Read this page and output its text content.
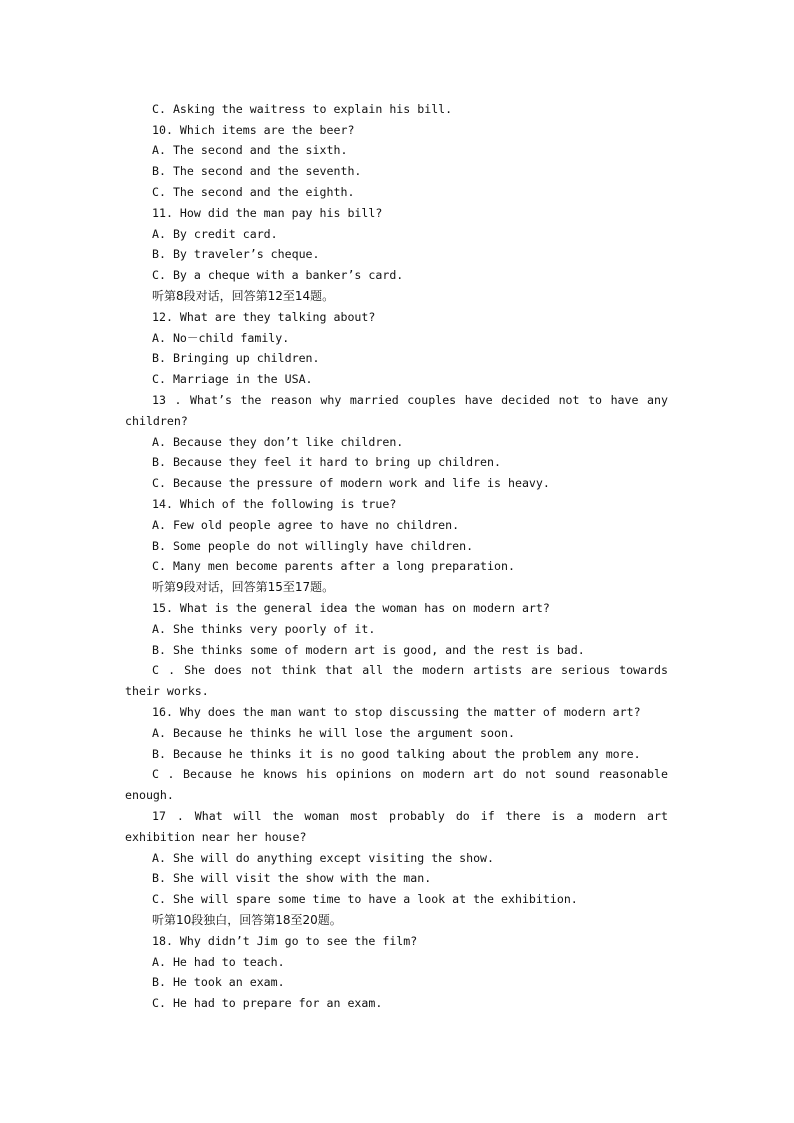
C. Asking the waitress to explain his bill.
10. Which items are the beer?
A. The second and the sixth.
B. The second and the seventh.
C. The second and the eighth.
11. How did the man pay his bill?
A. By credit card.
B. By traveler’s cheque.
C. By a cheque with a banker’s card.
听第8段对话，回答第12至14题。
12. What are they talking about?
A. No－child family.
B. Bringing up children.
C. Marriage in the USA.
13 . What’s the reason why married couples have decided not to have any
children?
A. Because they don’t like children.
B. Because they feel it hard to bring up children.
C. Because the pressure of modern work and life is heavy.
14. Which of the following is true?
A. Few old people agree to have no children.
B. Some people do not willingly have children.
C. Many men become parents after a long preparation.
听第9段对话，回答第15至17题。
15. What is the general idea the woman has on modern art?
A. She thinks very poorly of it.
B. She thinks some of modern art is good, and the rest is bad.
C . She does not think that all the modern artists are serious towards
their works.
16. Why does the man want to stop discussing the matter of modern art?
A. Because he thinks he will lose the argument soon.
B. Because he thinks it is no good talking about the problem any more.
C . Because he knows his opinions on modern art do not sound reasonable
enough.
17 . What will the woman most probably do if there is a modern art
exhibition near her house?
A. She will do anything except visiting the show.
B. She will visit the show with the man.
C. She will spare some time to have a look at the exhibition.
听第10段独白，回答第18至20题。
18. Why didn’t Jim go to see the film?
A. He had to teach.
B. He took an exam.
C. He had to prepare for an exam.
